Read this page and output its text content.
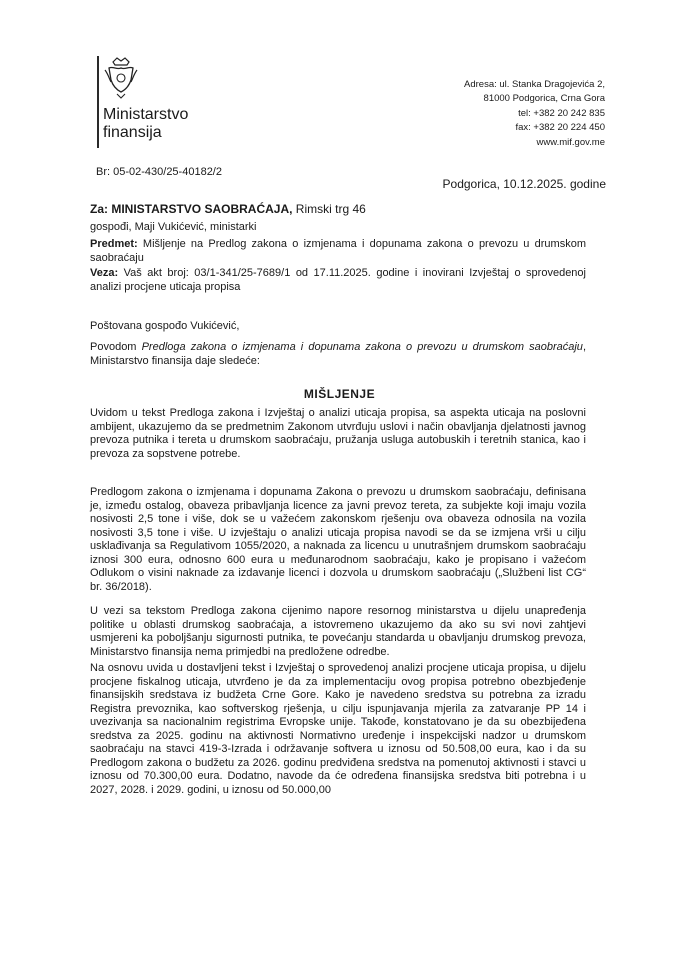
Ministarstvo
finansija
Adresa: ul. Stanka Dragojevića 2,
81000 Podgorica, Crna Gora
tel: +382 20 242 835
fax: +382 20 224 450
www.mif.gov.me
Br: 05-02-430/25-40182/2
Podgorica, 10.12.2025. godine
Za: MINISTARSTVO SAOBRAĆAJA, Rimski trg 46
gospođi, Maji Vukićević, ministarki
Predmet: Mišljenje na Predlog zakona o izmjenama i dopunama zakona o prevozu u drumskom saobraćaju
Veza: Vaš akt broj: 03/1-341/25-7689/1 od 17.11.2025. godine i inovirani Izvještaj o sprovedenoj analizi procjene uticaja propisa
Poštovana gospođo Vukićević,
Povodom Predloga zakona o izmjenama i dopunama zakona o prevozu u drumskom saobraćaju, Ministarstvo finansija daje sledeće:
MIŠLJENJE
Uvidom u tekst Predloga zakona i Izvještaj o analizi uticaja propisa, sa aspekta uticaja na poslovni ambijent, ukazujemo da se predmetnim Zakonom utvrđuju uslovi i način obavljanja djelatnosti javnog prevoza putnika i tereta u drumskom saobraćaju, pružanja usluga autobuskih i teretnih stanica, kao i prevoza za sopstvene potrebe.
Predlogom zakona o izmjenama i dopunama Zakona o prevozu u drumskom saobraćaju, definisana je, između ostalog, obaveza pribavljanja licence za javni prevoz tereta, za subjekte koji imaju vozila nosivosti 2,5 tone i više, dok se u važećem zakonskom rješenju ova obaveza odnosila na vozila nosivosti 3,5 tone i više. U izvještaju o analizi uticaja propisa navodi se da se izmjena vrši u cilju usklađivanja sa Regulativom 1055/2020, a naknada za licencu u unutrašnjem drumskom saobraćaju iznosi 300 eura, odnosno 600 eura u međunarodnom saobraćaju, kako je propisano i važećom Odlukom o visini naknade za izdavanje licenci i dozvola u drumskom saobraćaju („Službeni list CG“ br. 36/2018).
U vezi sa tekstom Predloga zakona cijenimo napore resornog ministarstva u dijelu unapređenja politike u oblasti drumskog saobraćaja, a istovremeno ukazujemo da ako su svi novi zahtjevi usmjereni ka poboljšanju sigurnosti putnika, te povećanju standarda u obavljanju drumskog prevoza, Ministarstvo finansija nema primjedbi na predložene odredbe.
Na osnovu uvida u dostavljeni tekst i Izvještaj o sprovedenoj analizi procjene uticaja propisa, u dijelu procjene fiskalnog uticaja, utvrđeno je da za implementaciju ovog propisa potrebno obezbjeđenje finansijskih sredstava iz budžeta Crne Gore. Kako je navedeno sredstva su potrebna za izradu Registra prevoznika, kao softverskog rješenja, u cilju ispunjavanja mjerila za zatvaranje PP 14 i uvezivanja sa nacionalnim registrima Evropske unije. Takođe, konstatovano je da su obezbijeđena sredstva za 2025. godinu na aktivnosti Normativno uređenje i inspekcijski nadzor u drumskom saobraćaju na stavci 419-3-Izrada i održavanje softvera u iznosu od 50.508,00 eura, kao i da su Predlogom zakona o budžetu za 2026. godinu predviđena sredstva na pomenutoj aktivnosti i stavci u iznosu od 70.300,00 eura. Dodatno, navode da će određena finansijska sredstva biti potrebna i u 2027, 2028. i 2029. godini, u iznosu od 50.000,00
